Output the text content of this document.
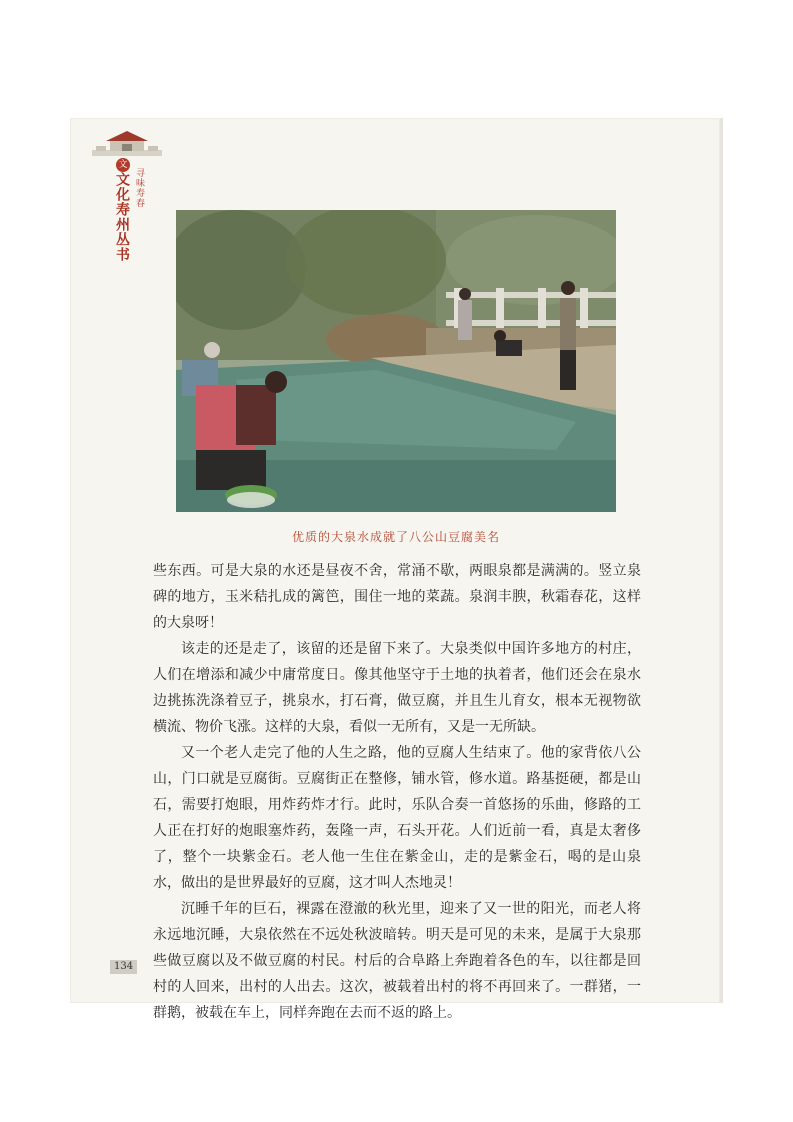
文
寻味寿春
文化寿州丛书
优质的大泉水成就了八公山豆腐美名

些东西。可是大泉的水还是昼夜不舍，常涌不歇，两眼泉都是满满的。竖立泉碑的地方，玉米秸扎成的篱笆，围住一地的菜蔬。泉润丰腴，秋霜春花，这样的大泉呀！

该走的还是走了，该留的还是留下来了。大泉类似中国许多地方的村庄，人们在增添和减少中庸常度日。像其他坚守于土地的执着者，他们还会在泉水边挑拣洗涤着豆子，挑泉水，打石膏，做豆腐，并且生儿育女，根本无视物欲横流、物价飞涨。这样的大泉，看似一无所有，又是一无所缺。

又一个老人走完了他的人生之路，他的豆腐人生结束了。他的家背依八公山，门口就是豆腐街。豆腐街正在整修，铺水管，修水道。路基挺硬，都是山石，需要打炮眼，用炸药炸才行。此时，乐队合奏一首悠扬的乐曲，修路的工人正在打好的炮眼塞炸药，轰隆一声，石头开花。人们近前一看，真是太奢侈了，整个一块紫金石。老人他一生住在紫金山，走的是紫金石，喝的是山泉水，做出的是世界最好的豆腐，这才叫人杰地灵！

沉睡千年的巨石，裸露在澄澈的秋光里，迎来了又一世的阳光，而老人将永远地沉睡，大泉依然在不远处秋波暗转。明天是可见的未来，是属于大泉那些做豆腐以及不做豆腐的村民。村后的合阜路上奔跑着各色的车，以往都是回村的人回来，出村的人出去。这次，被载着出村的将不再回来了。一群猪，一群鹅，被载在车上，同样奔跑在去而不返的路上。

134
